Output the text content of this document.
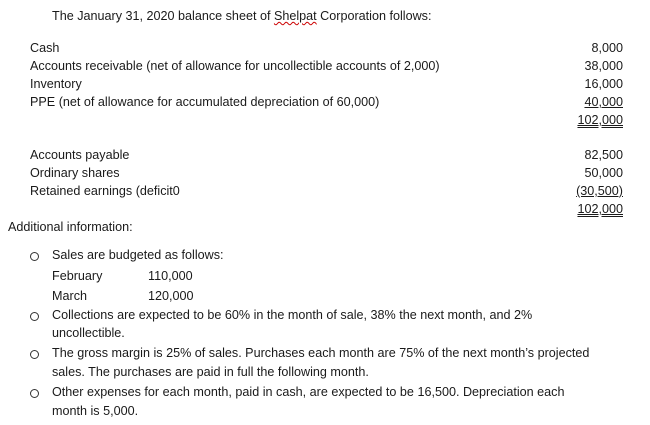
The January 31, 2020 balance sheet of Shelpat Corporation follows:
Cash	8,000
Accounts receivable (net of allowance for uncollectible accounts of 2,000)	38,000
Inventory	16,000
PPE (net of allowance for accumulated depreciation of 60,000)	40,000
102,000
Accounts payable	82,500
Ordinary shares	50,000
Retained earnings (deficit0	(30,500)
102,000
Additional information:
Sales are budgeted as follows:
February	110,000
March	120,000
Collections are expected to be 60% in the month of sale, 38% the next month, and 2%
uncollectible.
The gross margin is 25% of sales. Purchases each month are 75% of the next month’s projected
sales. The purchases are paid in full the following month.
Other expenses for each month, paid in cash, are expected to be 16,500. Depreciation each
month is 5,000.
